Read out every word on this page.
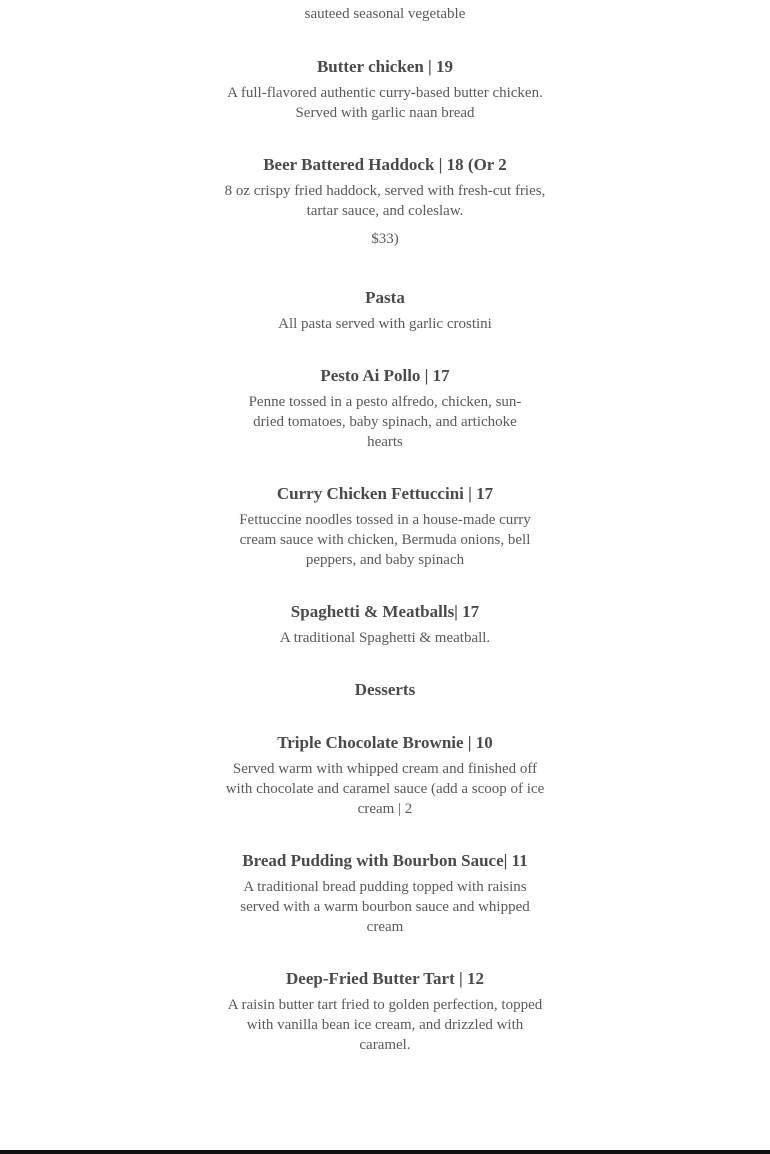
sauteed seasonal vegetable
Butter chicken | 19
A full-flavored authentic curry-based butter chicken. Served with garlic naan bread
Beer Battered Haddock | 18 (Or 2
8 oz crispy fried haddock, served with fresh-cut fries, tartar sauce, and coleslaw.
$33)
Pasta
All pasta served with garlic crostini
Pesto Ai Pollo | 17
Penne tossed in a pesto alfredo, chicken, sun-dried tomatoes, baby spinach, and artichoke hearts
Curry Chicken Fettuccini | 17
Fettuccine noodles tossed in a house-made curry cream sauce with chicken, Bermuda onions, bell peppers, and baby spinach
Spaghetti & Meatballs| 17
A traditional Spaghetti & meatball.
Desserts
Triple Chocolate Brownie | 10
Served warm with whipped cream and finished off with chocolate and caramel sauce (add a scoop of ice cream | 2
Bread Pudding with Bourbon Sauce| 11
A traditional bread pudding topped with raisins served with a warm bourbon sauce and whipped cream
Deep-Fried Butter Tart | 12
A raisin butter tart fried to golden perfection, topped with vanilla bean ice cream, and drizzled with caramel.
